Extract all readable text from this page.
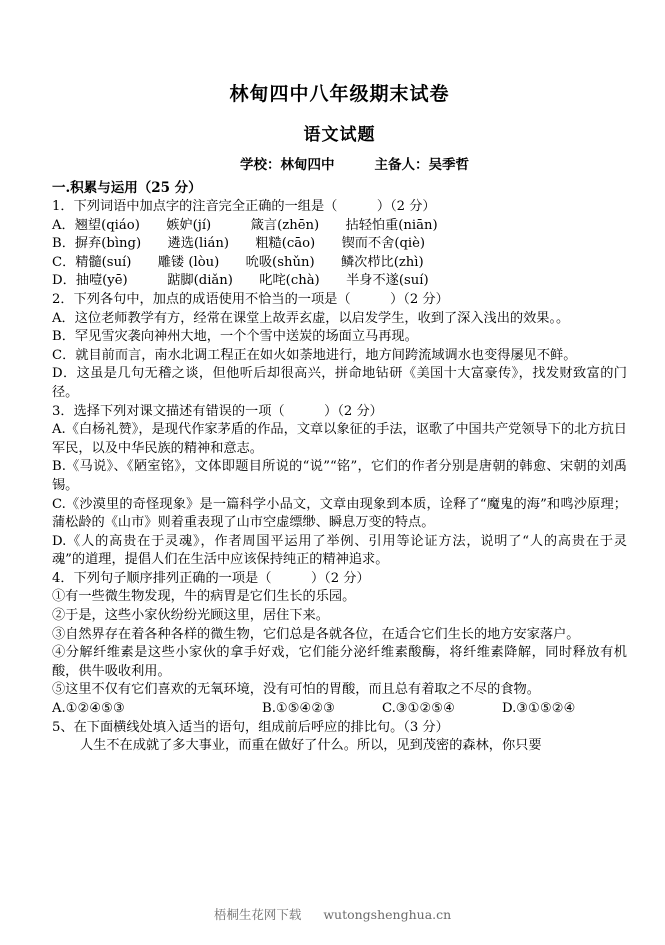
林甸四中八年级期末试卷
语文试题
学校：林甸四中	主备人：吴季哲
一.积累与运用（25 分）
1．下列词语中加点字的注音完全正确的一组是（　　　）（2 分）
A．翘望(qiáo)　　嫉妒(jí)　　　箴言(zhēn)　　拈轻怕重(niān)
B．摒弃(bìng)　　遴选(lián)　　粗糙(cāo)　　锲而不舍(qiè)
C．精髓(suí)　　雕镂 (lòu)　　吮吸(shǔn)　　鳞次栉比(zhì)
D．抽噎(yē)　　　踮脚(diǎn)　　叱咤(chà)　　半身不遂(suí)
2．下列各句中，加点的成语使用不恰当的一项是（　　　）（2 分）
A．这位老师教学有方，经常在课堂上故弄玄虚，以启发学生，收到了深入浅出的效果。。
B．罕见雪灾袭向神州大地，一个个雪中送炭的场面立马再现。
C．就目前而言，南水北调工程正在如火如荼地进行，地方间跨流域调水也变得屡见不鲜。
D．这虽是几句无稽之谈，但他听后却很高兴，拼命地钻研《美国十大富豪传》，找发财致富的门径。
3．选择下列对课文描述有错误的一项（　　　）（2 分）
A.《白杨礼赞》，是现代作家茅盾的作品，文章以象征的手法，讴歌了中国共产党领导下的北方抗日军民，以及中华民族的精神和意志。
B.《马说》、《陋室铭》，文体即题目所说的“说”“铭”，它们的作者分别是唐朝的韩愈、宋朝的刘禹锡。
C.《沙漠里的奇怪现象》是一篇科学小品文，文章由现象到本质，诠释了“魔鬼的海”和鸣沙原理；蒲松龄的《山市》则着重表现了山市空虚缥缈、瞬息万变的特点。
D.《人的高贵在于灵魂》，作者周国平运用了举例、引用等论证方法，说明了“人的高贵在于灵魂”的道理，提倡人们在生活中应该保持纯正的精神追求。
4．下列句子顺序排列正确的一项是（　　　）（2 分）
①有一些微生物发现，牛的病胃是它们生长的乐园。
②于是，这些小家伙纷纷光顾这里，居住下来。
③自然界存在着各种各样的微生物，它们总是各就各位，在适合它们生长的地方安家落户。
④分解纤维素是这些小家伙的拿手好戏，它们能分泌纤维素酸酶，将纤维素降解，同时释放有机酸，供牛吸收利用。
⑤这里不仅有它们喜欢的无氧环境，没有可怕的胃酸，而且总有着取之不尽的食物。
A.①②④⑤③	B.①⑤④②③	C.③①②⑤④	D.③①⑤②④
5、在下面横线处填入适当的语句，组成前后呼应的排比句。（3 分）
人生不在成就了多大事业，而重在做好了什么。所以，见到茂密的森林，你只要
梧桐生花网下载 wutongshenghua.cn
